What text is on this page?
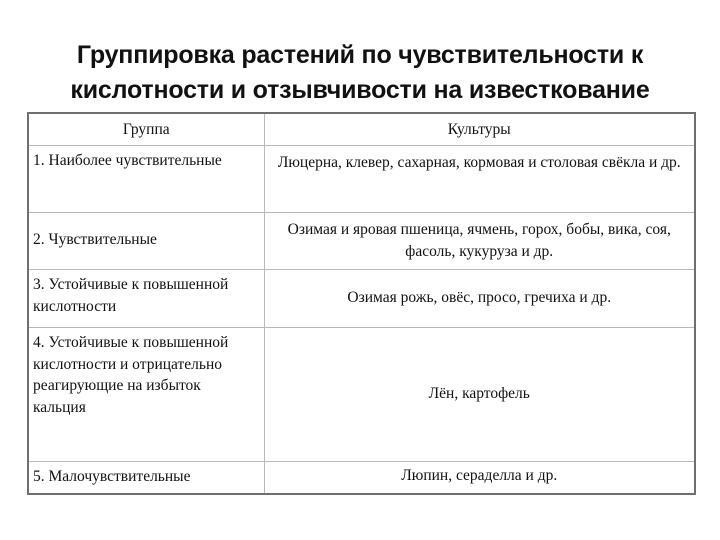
Группировка растений по чувствительности к
кислотности и отзывчивости на известкование
Группа	Культуры
1. Наиболее чувствительные	Люцерна, клевер, сахарная, кормовая и столовая свёкла и др.
2. Чувствительные	Озимая и яровая пшеница, ячмень, горох, бобы, вика, соя, фасоль, кукуруза и др.
3. Устойчивые к повышенной кислотности	Озимая рожь, овёс, просо, гречиха и др.
4. Устойчивые к повышенной кислотности и отрицательно реагирующие на избыток кальция	Лён, картофель
5. Малочувствительные	Люпин, сераделла и др.
